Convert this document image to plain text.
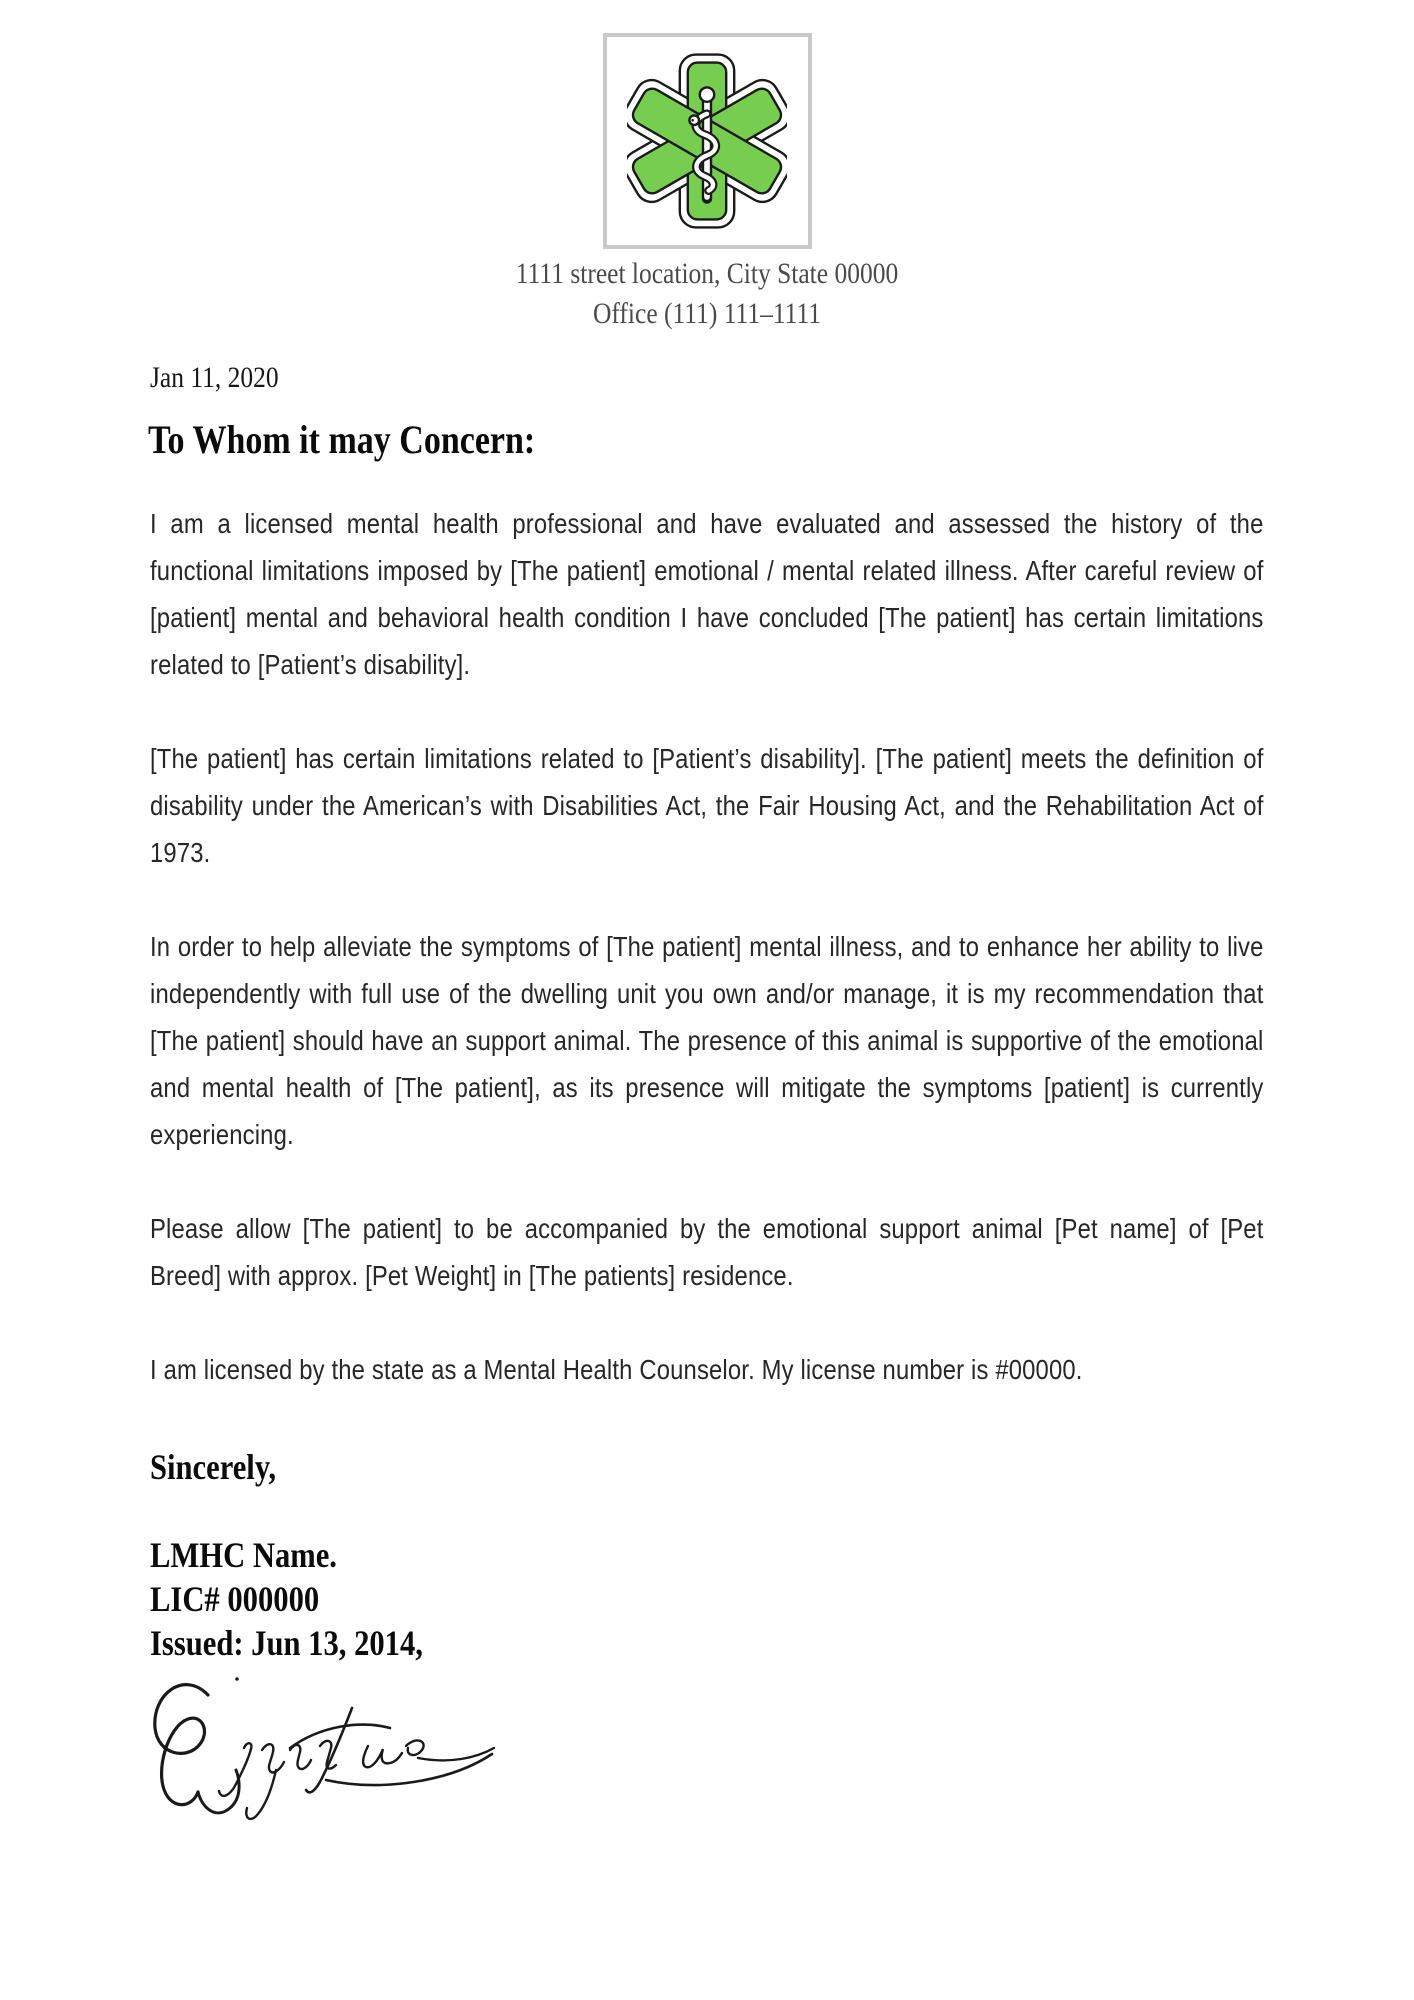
1111 street location, City State 00000
Office (111) 111–1111
Jan 11, 2020
To Whom it may Concern:

I am a licensed mental health professional and have evaluated and assessed the history of the functional limitations imposed by [The patient] emotional / mental related illness. After careful review of [patient] mental and behavioral health condition I have concluded [The patient] has certain limitations related to [Patient’s disability].

[The patient] has certain limitations related to [Patient’s disability]. [The patient] meets the definition of disability under the American’s with Disabilities Act, the Fair Housing Act, and the Rehabilitation Act of 1973.

In order to help alleviate the symptoms of [The patient] mental illness, and to enhance her ability to live independently with full use of the dwelling unit you own and/or manage, it is my recommendation that [The patient] should have an support animal. The presence of this animal is supportive of the emotional and mental health of [The patient], as its presence will mitigate the symptoms [patient] is currently experiencing.

Please allow [The patient] to be accompanied by the emotional support animal [Pet name] of [Pet Breed] with approx. [Pet Weight] in [The patients] residence.

I am licensed by the state as a Mental Health Counselor. My license number is #00000.

Sincerely,
LMHC Name.
LIC# 000000
Issued: Jun 13, 2014,
